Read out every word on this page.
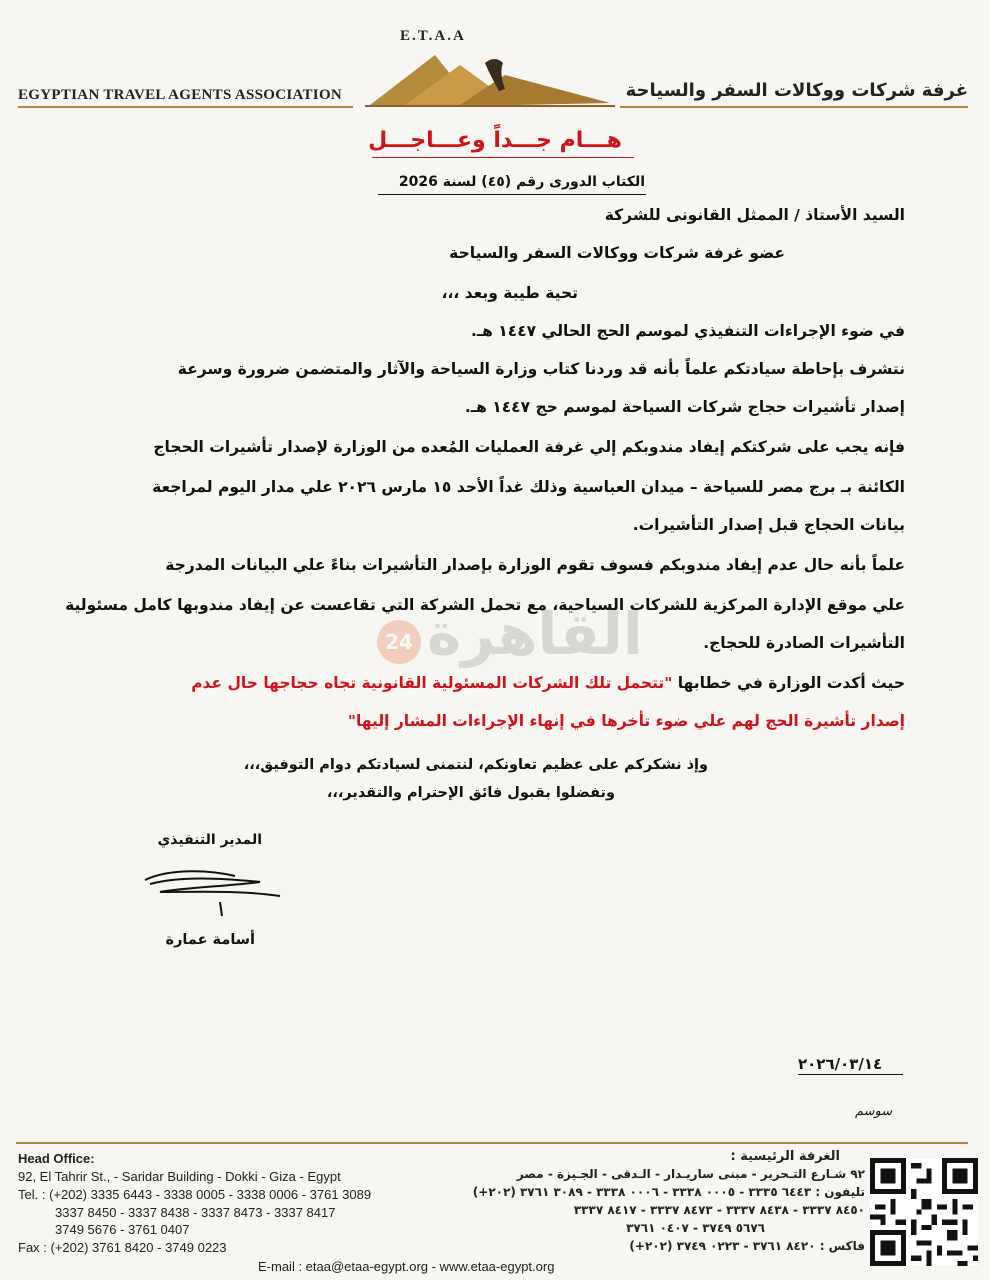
E.T.A.A
EGYPTIAN TRAVEL AGENTS ASSOCIATION	غرفة شركات ووكالات السفر والسياحة
هـــام جـــداً وعـــاجـــل
الكتاب الدورى رقم (٤٥) لسنة 2026
السيد الأستاذ / الممثل القانونى للشركة
عضو غرفة شركات ووكالات السفر والسياحة
تحية طيبة وبعد ،،،
في ضوء الإجراءات التنفيذي لموسم الحج الحالي ١٤٤٧ هـ.
نتشرف بإحاطة سيادتكم علماً بأنه قد وردنا كتاب وزارة السياحة والآثار والمتضمن ضرورة وسرعة
إصدار تأشيرات حجاج شركات السياحة لموسم حج ١٤٤٧ هـ.
فإنه يجب على شركتكم إيفاد مندوبكم إلي غرفة العمليات المُعده من الوزارة لإصدار تأشيرات الحجاج
الكائنة بـ برج مصر للسياحة – ميدان العباسية وذلك غداً الأحد ١٥ مارس ٢٠٢٦ علي مدار اليوم لمراجعة
بيانات الحجاج قبل إصدار التأشيرات.
علماً بأنه حال عدم إيفاد مندوبكم فسوف تقوم الوزارة بإصدار التأشيرات بناءً علي البيانات المدرجة
علي موقع الإدارة المركزية للشركات السياحية، مع تحمل الشركة التي تقاعست عن إيفاد مندوبها كامل مسئولية
التأشيرات الصادرة للحجاج.
القاهرة
24
حيث أكدت الوزارة في خطابها "تتحمل تلك الشركات المسئولية القانونية تجاه حجاجها حال عدم
إصدار تأشيرة الحج لهم علي ضوء تأخرها في إنهاء الإجراءات المشار إليها"
وإذ نشكركم على عظيم تعاونكم، لنتمنى لسيادتكم دوام التوفيق،،،
وتفضلوا بقبول فائق الإحترام والتقدير،،،
المدير التنفيذي
أسامة عمارة
٢٠٢٦/٠٣/١٤
سوسم
Head Office:
92, El Tahrir St., - Saridar Building - Dokki - Giza - Egypt
Tel. : (+202) 3335 6443 - 3338 0005 - 3338 0006 - 3761 3089
3337 8450 - 3337 8438 - 3337 8473 - 3337 8417
3749 5676 - 3761 0407
Fax : (+202) 3761 8420 - 3749 0223
E-mail : etaa@etaa-egypt.org - www.etaa-egypt.org
الغرفة الرئيسية :
٩٢ شـارع التـحرير - مبنى ساريـدار - الـدقى - الجـيزة - مصر
تليفون : ٦٤٤٣ ٣٣٣٥ - ٠٠٠٥ ٣٣٣٨ - ٠٠٠٦ ٣٣٣٨ - ٣٠٨٩ ٣٧٦١ (٢٠٢+)
٨٤٥٠ ٣٣٣٧ - ٨٤٣٨ ٣٣٣٧ - ٨٤٧٣ ٣٣٣٧ - ٨٤١٧ ٣٣٣٧
٥٦٧٦ ٣٧٤٩ - ٠٤٠٧ ٣٧٦١
فاكس : ٨٤٢٠ ٣٧٦١ - ٠٢٢٣ ٣٧٤٩ (٢٠٢+)
